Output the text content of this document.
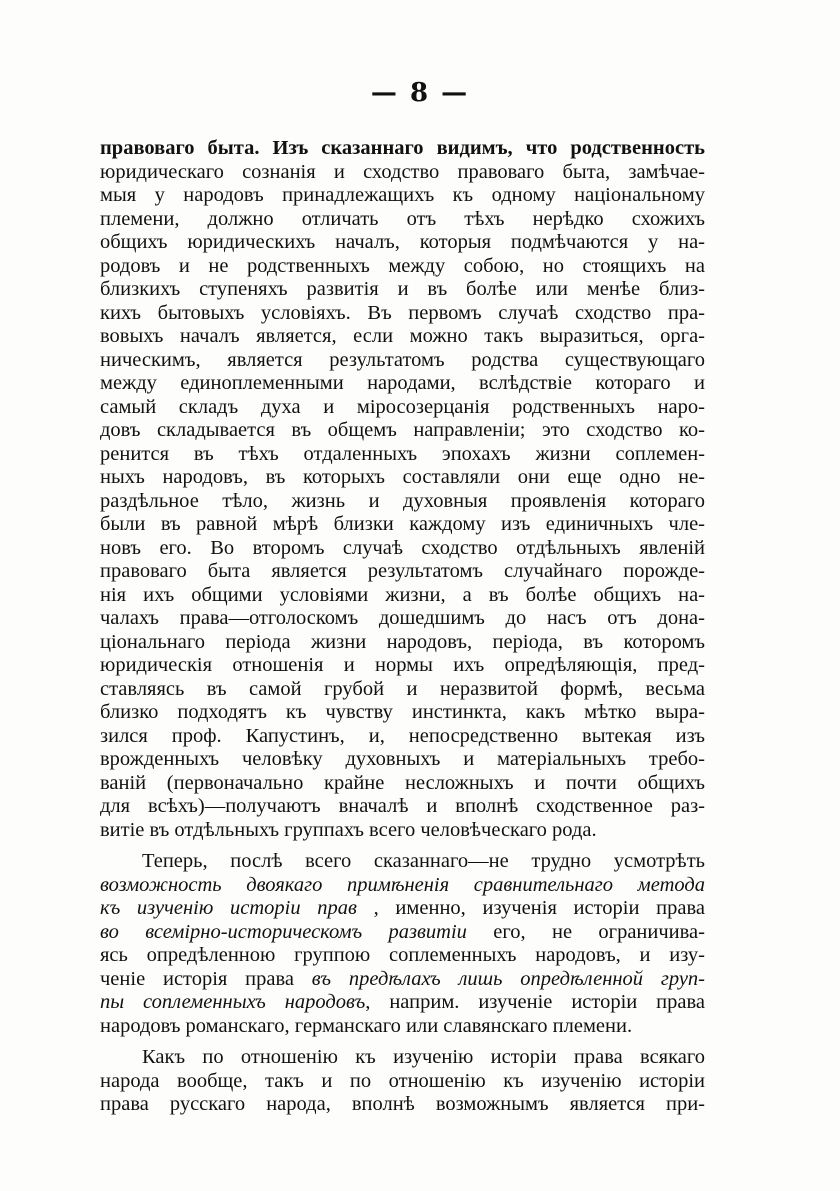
— 8 —
правоваго быта. Изъ сказаннаго видимъ, что родственность
юридическаго сознанія и сходство правоваго быта, замѣчае-
мыя у народовъ принадлежащихъ къ одному національному
племени, должно отличать отъ тѣхъ нерѣдко схожихъ
общихъ юридическихъ началъ, которыя подмѣчаются у на-
родовъ и не родственныхъ между собою, но стоящихъ на
близкихъ ступеняхъ развитія и въ болѣе или менѣе близ-
кихъ бытовыхъ условіяхъ. Въ первомъ случаѣ сходство пра-
вовыхъ началъ является, если можно такъ выразиться, орга-
ническимъ, является результатомъ родства существующаго
между единоплеменными народами, вслѣдствіе котораго и
самый складъ духа и міросозерцанія родственныхъ наро-
довъ складывается въ общемъ направленіи; это сходство ко-
ренится въ тѣхъ отдаленныхъ эпохахъ жизни соплемен-
ныхъ народовъ, въ которыхъ составляли они еще одно не-
раздѣльное тѣло, жизнь и духовныя проявленія котораго
были въ равной мѣрѣ близки каждому изъ единичныхъ чле-
новъ его. Во второмъ случаѣ сходство отдѣльныхъ явленій
правоваго быта является результатомъ случайнаго порожде-
нія ихъ общими условіями жизни, а въ болѣе общихъ на-
чалахъ права—отголоскомъ дошедшимъ до насъ отъ дона-
ціональнаго періода жизни народовъ, періода, въ которомъ
юридическія отношенія и нормы ихъ опредѣляющія, пред-
ставляясь въ самой грубой и неразвитой формѣ, весьма
близко подходятъ къ чувству инстинкта, какъ мѣтко выра-
зился проф. Капустинъ, и, непосредственно вытекая изъ
врожденныхъ человѣку духовныхъ и матеріальныхъ требо-
ваній (первоначально крайне несложныхъ и почти общихъ
для всѣхъ)—получаютъ вначалѣ и вполнѣ сходственное раз-
витіе въ отдѣльныхъ группахъ всего человѣческаго рода.
Теперь, послѣ всего сказаннаго—не трудно усмотрѣть
возможность двоякаго примѣненія сравнительнаго метода
къ изученію исторіи прав , именно, изученія исторіи права
во всемірно-историческомъ развитіи его, не ограничива-
ясь опредѣленною группою соплеменныхъ народовъ, и изу-
ченіе исторія права въ предѣлахъ лишь опредѣленной груп-
пы соплеменныхъ народовъ, наприм. изученіе исторіи права
народовъ романскаго, германскаго или славянскаго племени.
Какъ по отношенію къ изученію исторіи права всякаго
народа вообще, такъ и по отношенію къ изученію исторіи
права русскаго народа, вполнѣ возможнымъ является при-
